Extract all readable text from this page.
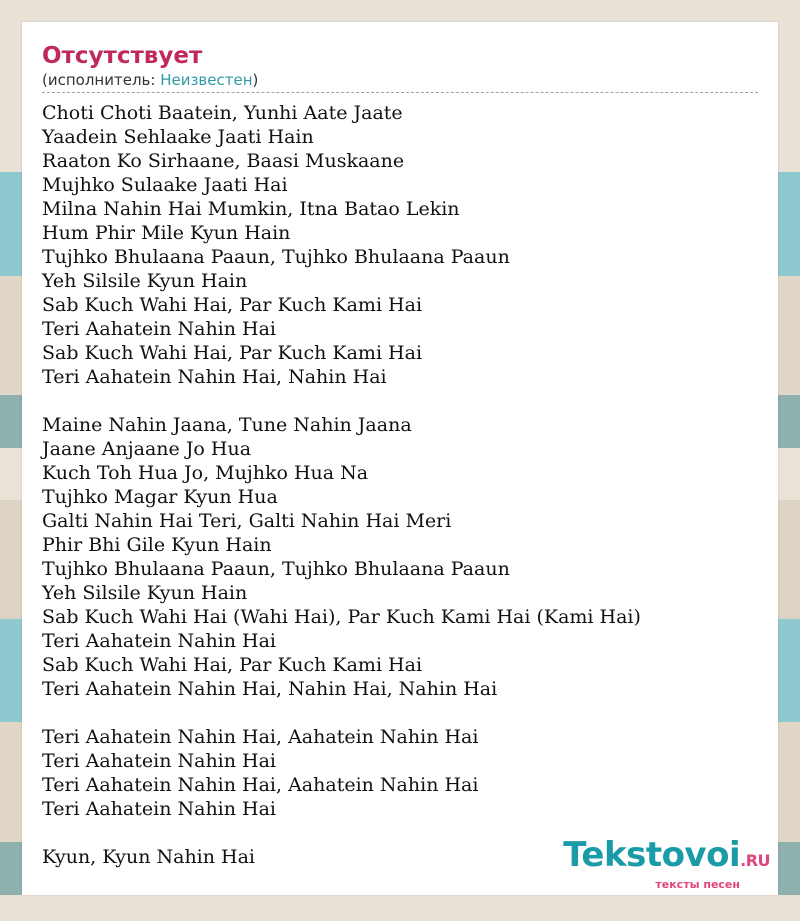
Отсутствует
(исполнитель: Неизвестен)
Choti Choti Baatein, Yunhi Aate Jaate
Yaadein Sehlaake Jaati Hain
Raaton Ko Sirhaane, Baasi Muskaane
Mujhko Sulaake Jaati Hai
Milna Nahin Hai Mumkin, Itna Batao Lekin
Hum Phir Mile Kyun Hain
Tujhko Bhulaana Paaun, Tujhko Bhulaana Paaun
Yeh Silsile Kyun Hain
Sab Kuch Wahi Hai, Par Kuch Kami Hai
Teri Aahatein Nahin Hai
Sab Kuch Wahi Hai, Par Kuch Kami Hai
Teri Aahatein Nahin Hai, Nahin Hai
Maine Nahin Jaana, Tune Nahin Jaana
Jaane Anjaane Jo Hua
Kuch Toh Hua Jo, Mujhko Hua Na
Tujhko Magar Kyun Hua
Galti Nahin Hai Teri, Galti Nahin Hai Meri
Phir Bhi Gile Kyun Hain
Tujhko Bhulaana Paaun, Tujhko Bhulaana Paaun
Yeh Silsile Kyun Hain
Sab Kuch Wahi Hai (Wahi Hai), Par Kuch Kami Hai (Kami Hai)
Teri Aahatein Nahin Hai
Sab Kuch Wahi Hai, Par Kuch Kami Hai
Teri Aahatein Nahin Hai, Nahin Hai, Nahin Hai
Teri Aahatein Nahin Hai, Aahatein Nahin Hai
Teri Aahatein Nahin Hai
Teri Aahatein Nahin Hai, Aahatein Nahin Hai
Teri Aahatein Nahin Hai
Kyun, Kyun Nahin Hai	Tekstovoi.RU
тексты песен
